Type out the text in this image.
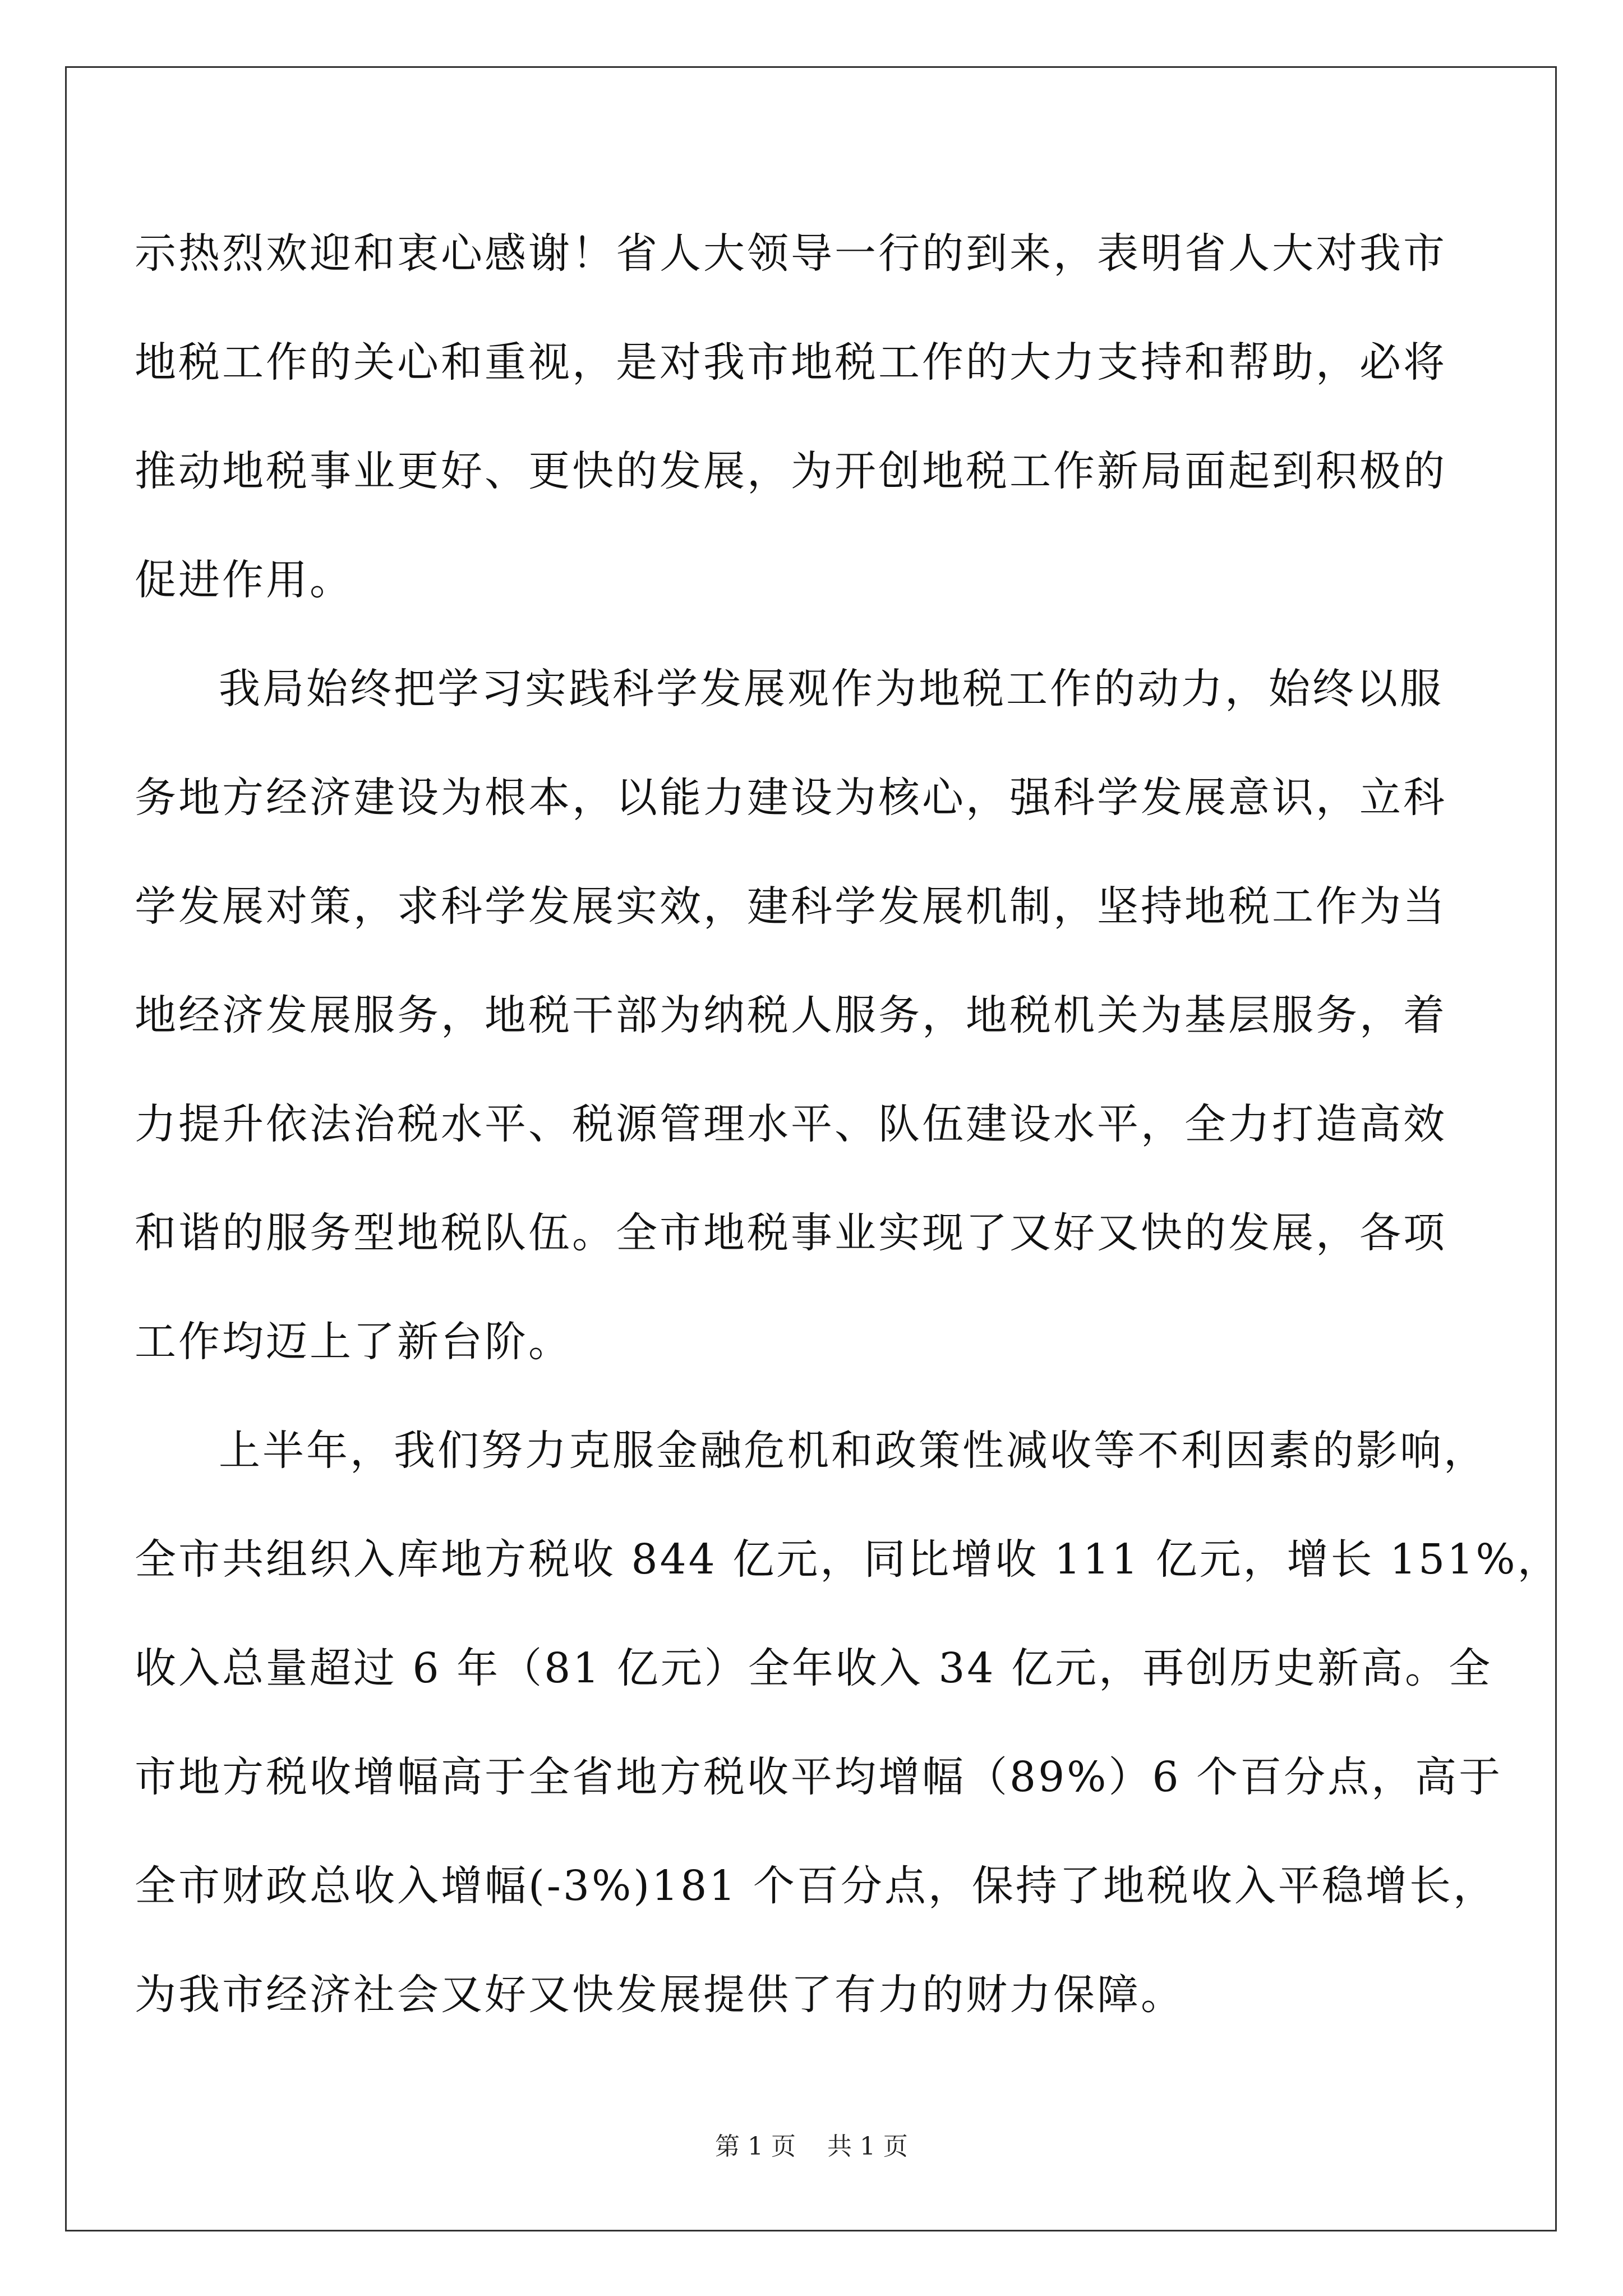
示热烈欢迎和衷心感谢！省人大领导一行的到来，表明省人大对我市
地税工作的关心和重视，是对我市地税工作的大力支持和帮助，必将
推动地税事业更好、更快的发展，为开创地税工作新局面起到积极的
促进作用。
我局始终把学习实践科学发展观作为地税工作的动力，始终以服
务地方经济建设为根本，以能力建设为核心，强科学发展意识，立科
学发展对策，求科学发展实效，建科学发展机制，坚持地税工作为当
地经济发展服务，地税干部为纳税人服务，地税机关为基层服务，着
力提升依法治税水平、税源管理水平、队伍建设水平，全力打造高效
和谐的服务型地税队伍。全市地税事业实现了又好又快的发展，各项
工作均迈上了新台阶。
上半年，我们努力克服金融危机和政策性减收等不利因素的影响，
全市共组织入库地方税收 844 亿元，同比增收 111 亿元，增长 151%，
收入总量超过 6 年（81 亿元）全年收入 34 亿元，再创历史新高。全
市地方税收增幅高于全省地方税收平均增幅（89%）6 个百分点，高于
全市财政总收入增幅(-3%)181 个百分点，保持了地税收入平稳增长，
为我市经济社会又好又快发展提供了有力的财力保障。
第 1 页    共 1 页
